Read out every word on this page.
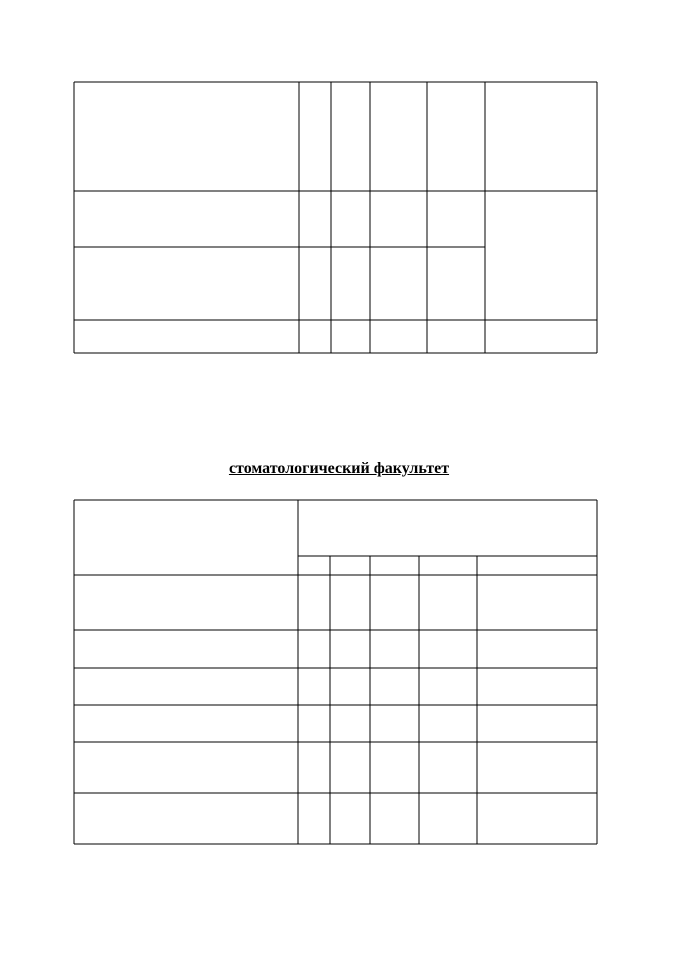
стоматологический факультет
